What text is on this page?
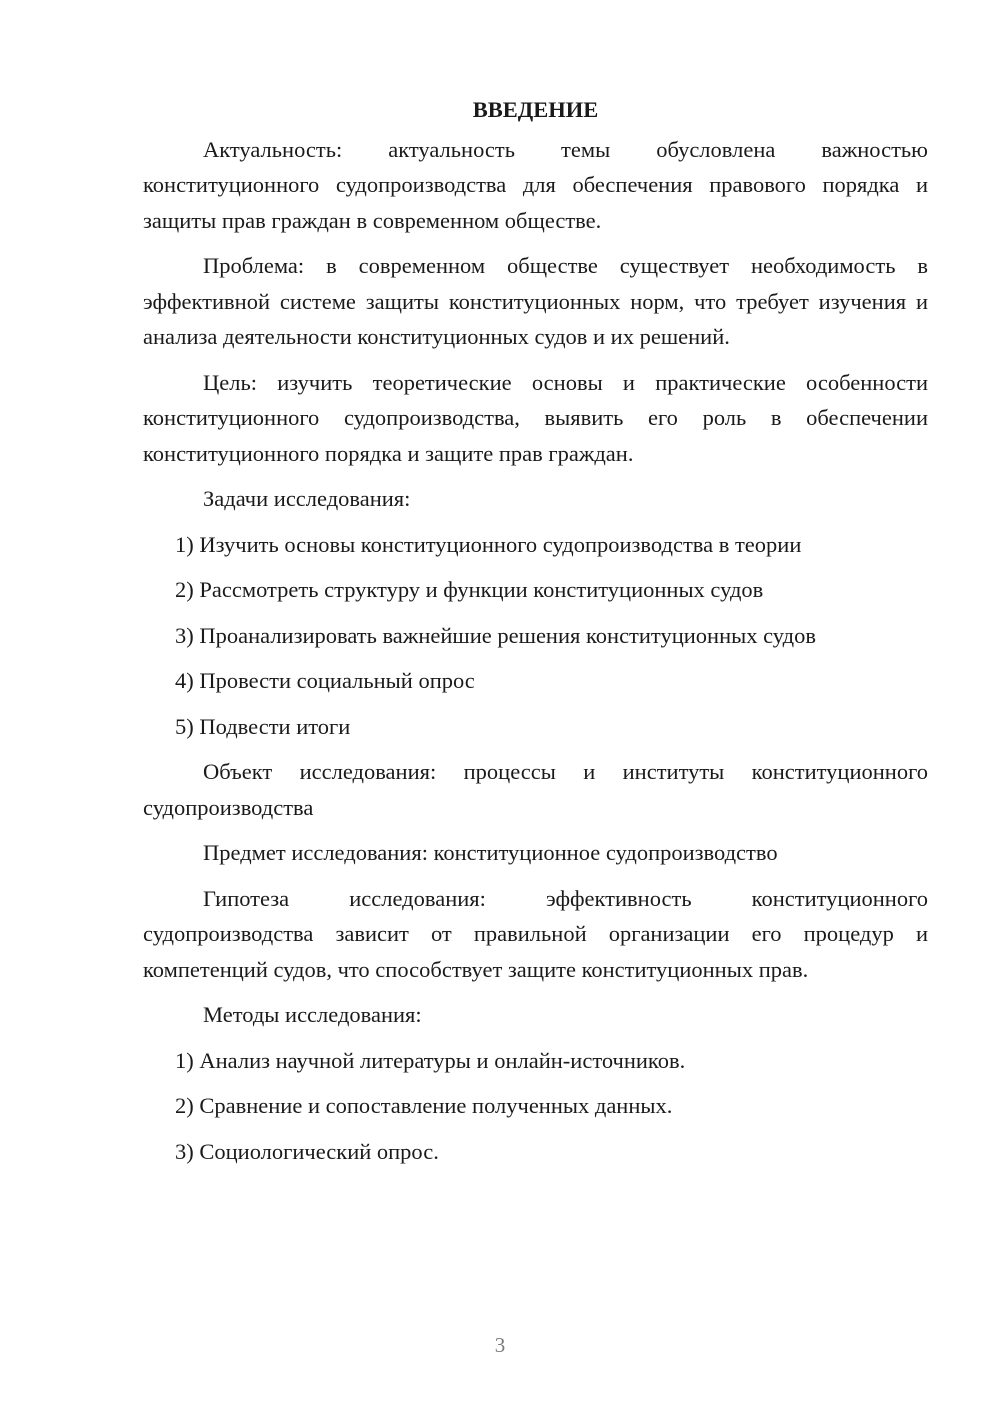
ВВЕДЕНИЕ

Актуальность: актуальность темы обусловлена важностью конституционного судопроизводства для обеспечения правового порядка и защиты прав граждан в современном обществе.

Проблема: в современном обществе существует необходимость в эффективной системе защиты конституционных норм, что требует изучения и анализа деятельности конституционных судов и их решений.

Цель: изучить теоретические основы и практические особенности конституционного судопроизводства, выявить его роль в обеспечении конституционного порядка и защите прав граждан.

Задачи исследования:

1) Изучить основы конституционного судопроизводства в теории
2) Рассмотреть структуру и функции конституционных судов
3) Проанализировать важнейшие решения конституционных судов
4) Провести социальный опрос
5) Подвести итоги

Объект исследования: процессы и институты конституционного судопроизводства

Предмет исследования: конституционное судопроизводство

Гипотеза исследования: эффективность конституционного судопроизводства зависит от правильной организации его процедур и компетенций судов, что способствует защите конституционных прав.

Методы исследования:

1) Анализ научной литературы и онлайн-источников.
2) Сравнение и сопоставление полученных данных.
3) Социологический опрос.
3
